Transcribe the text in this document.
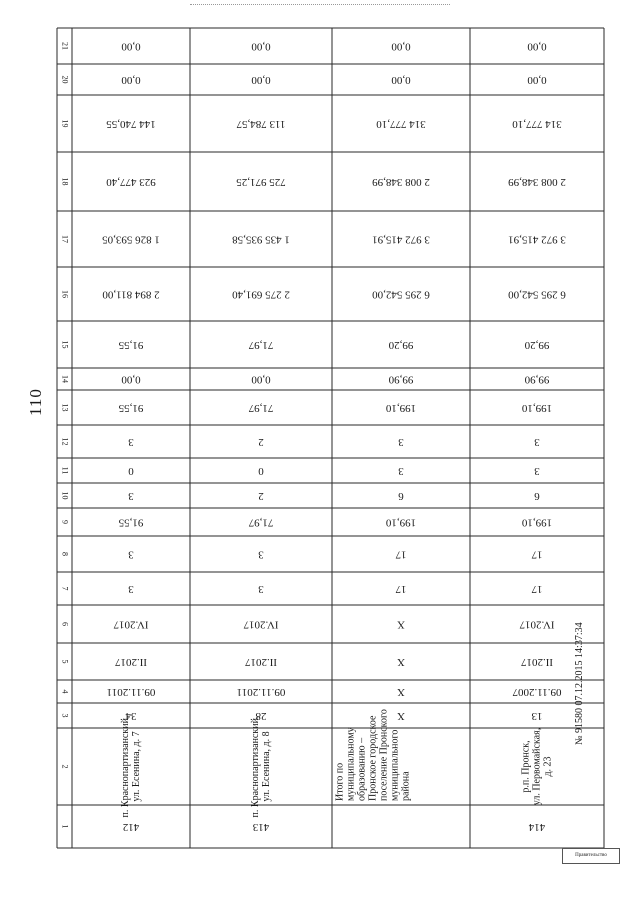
110
1
2
3
4
5
6
7
8
9
10
11
12
13
14
15
16
17
18
19
20
21
34
09.11.2011
II.2017
IV.2017
3
3
91,55
3
0
3
91,55
0,00
91,55
2 894 811,00
1 826 593,05
923 477,40
144 740,55
0,00
0,00
412
п. Краснопартизанский, ул. Есенина, д. 7
28
09.11.2011
II.2017
IV.2017
3
3
71,97
2
0
2
71,97
0,00
71,97
2 275 691,40
1 435 935,58
725 971,25
113 784,57
0,00
0,00
413
п. Краснопартизанский, ул. Есенина, д. 8
X
X
X
X
17
17
199,10
6
3
3
199,10
99,90
99,20
6 295 542,00
3 972 415,91
2 008 348,99
314 777,10
0,00
0,00
Итого по муниципальному образованию – Пронское городское поселение Пронского муниципального района
13
09.11.2007
II.2017
IV.2017
17
17
199,10
6
3
3
199,10
99,90
99,20
6 295 542,00
3 972 415,91
2 008 348,99
314 777,10
0,00
0,00
414
р.п. Пронск, ул. Первомайская, д. 23
№ 91580 07.12.2015 14:37:34
Правительство
